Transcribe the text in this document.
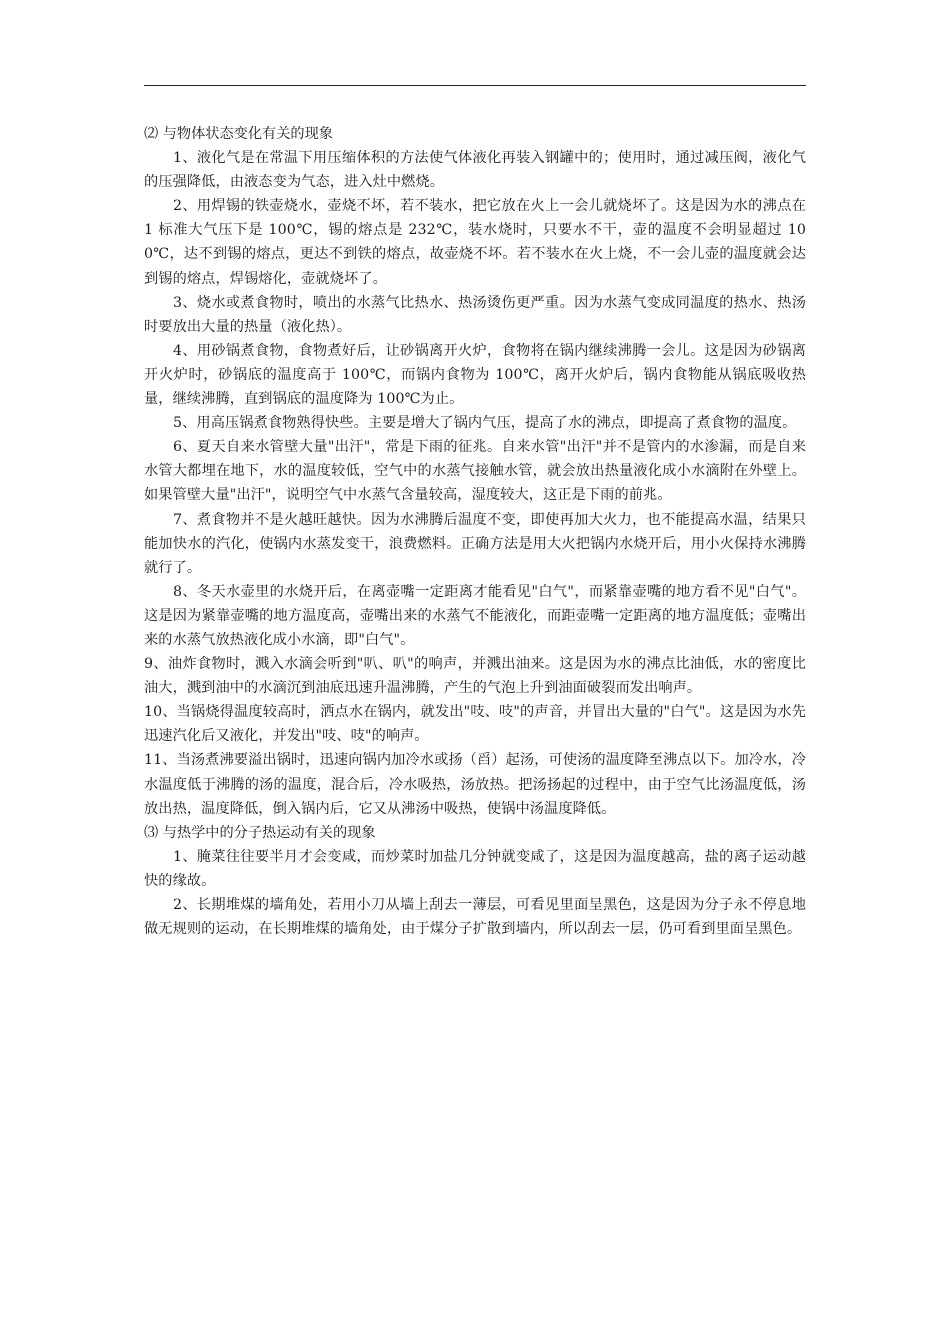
⑵ 与物体状态变化有关的现象

1、液化气是在常温下用压缩体积的方法使气体液化再装入钢罐中的；使用时，通过减压阀，液化气的压强降低，由液态变为气态，进入灶中燃烧。

2、用焊锡的铁壶烧水，壶烧不坏，若不装水，把它放在火上一会儿就烧坏了。这是因为水的沸点在 1 标准大气压下是 100℃，锡的熔点是 232℃，装水烧时，只要水不干，壶的温度不会明显超过 100℃，达不到锡的熔点，更达不到铁的熔点，故壶烧不坏。若不装水在火上烧，不一会儿壶的温度就会达到锡的熔点，焊锡熔化，壶就烧坏了。

3、烧水或煮食物时，喷出的水蒸气比热水、热汤烫伤更严重。因为水蒸气变成同温度的热水、热汤时要放出大量的热量（液化热）。

4、用砂锅煮食物，食物煮好后，让砂锅离开火炉，食物将在锅内继续沸腾一会儿。这是因为砂锅离开火炉时，砂锅底的温度高于 100℃，而锅内食物为 100℃，离开火炉后，锅内食物能从锅底吸收热量，继续沸腾，直到锅底的温度降为 100℃为止。

5、用高压锅煮食物熟得快些。主要是增大了锅内气压，提高了水的沸点，即提高了煮食物的温度。

6、夏天自来水管壁大量"出汗"，常是下雨的征兆。自来水管"出汗"并不是管内的水渗漏，而是自来水管大都埋在地下，水的温度较低，空气中的水蒸气接触水管，就会放出热量液化成小水滴附在外壁上。如果管壁大量"出汗"，说明空气中水蒸气含量较高，湿度较大，这正是下雨的前兆。

7、煮食物并不是火越旺越快。因为水沸腾后温度不变，即使再加大火力，也不能提高水温，结果只能加快水的汽化，使锅内水蒸发变干，浪费燃料。正确方法是用大火把锅内水烧开后，用小火保持水沸腾就行了。

8、冬天水壶里的水烧开后，在离壶嘴一定距离才能看见"白气"，而紧靠壶嘴的地方看不见"白气"。这是因为紧靠壶嘴的地方温度高，壶嘴出来的水蒸气不能液化，而距壶嘴一定距离的地方温度低；壶嘴出来的水蒸气放热液化成小水滴，即"白气"。

9、油炸食物时，溅入水滴会听到"叭、叭"的响声，并溅出油来。这是因为水的沸点比油低，水的密度比油大，溅到油中的水滴沉到油底迅速升温沸腾，产生的气泡上升到油面破裂而发出响声。

10、当锅烧得温度较高时，洒点水在锅内，就发出"吱、吱"的声音，并冒出大量的"白气"。这是因为水先迅速汽化后又液化，并发出"吱、吱"的响声。

11、当汤煮沸要溢出锅时，迅速向锅内加冷水或扬（舀）起汤，可使汤的温度降至沸点以下。加冷水，冷水温度低于沸腾的汤的温度，混合后，冷水吸热，汤放热。把汤扬起的过程中，由于空气比汤温度低，汤放出热，温度降低，倒入锅内后，它又从沸汤中吸热，使锅中汤温度降低。

⑶ 与热学中的分子热运动有关的现象

1、腌菜往往要半月才会变咸，而炒菜时加盐几分钟就变咸了，这是因为温度越高，盐的离子运动越快的缘故。

2、长期堆煤的墙角处，若用小刀从墙上刮去一薄层，可看见里面呈黑色，这是因为分子永不停息地做无规则的运动，在长期堆煤的墙角处，由于煤分子扩散到墙内，所以刮去一层，仍可看到里面呈黑色。
